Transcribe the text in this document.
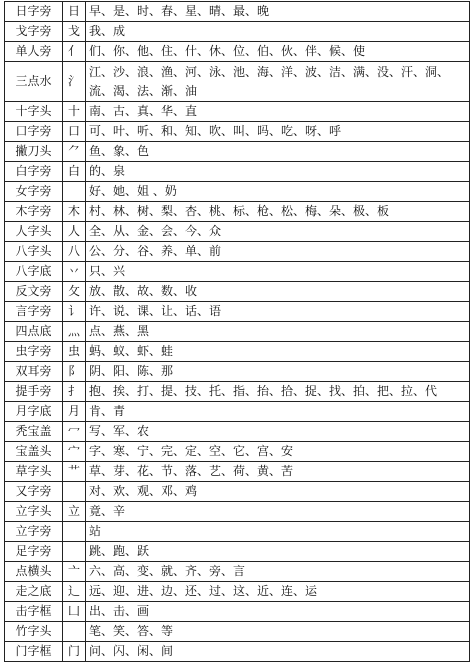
日字旁	日	早、是、时、春、星、晴、最、晚
戈字旁	戈	我、成
单人旁	亻	们、你、他、住、什、休、位、伯、伙、伴、候、使
三点水	氵	江、沙、浪、渔、河、泳、池、海、洋、波、洁、满、没、汗、洞、流、渴、法、渐、油
十字头	十	南、古、真、华、直
口字旁	口	可、叶、听、和、知、吹、叫、吗、吃、呀、呼
撇刀头	⺈	鱼、象、色
白字旁	白	的、泉
女字旁		好、她、姐 、奶
木字旁	木	村、林、树、梨、杏、桃、标、枪、松、梅、朵、极、板
人字头	人	全、从、金、会、今、众
八字头	八	公、分、谷、养、单、前
八字底	丷	只、兴
反文旁	攵	放、散、故、数、收
言字旁	讠	许、说、课、让、话、语
四点底	灬	点、燕、黑
虫字旁	虫	蚂、蚁、虾、蛙
双耳旁	阝	阴、阳、陈、那
提手旁	扌	抱、挨、打、提、技、托、指、抬、拾、捉、找、拍、把、拉、代
月字底	月	肯、青
秃宝盖	冖	写、军、农
宝盖头	宀	字、寒、宁、完、定、空、它、宫、安
草字头	艹	草、芽、花、节、落、艺、荷、黄、苦
又字旁		对、欢、观、邓、鸡
立字头	立	竟、辛
立字旁		站
足字旁		跳、跑、跃
点横头	亠	六、高、变、就、齐、旁、言
走之底	辶	远、迎、进、边、还、过、这、近、连、运
击字框	凵	出、击、画
竹字头		笔、笑、答、等
门字框	门	问、闪、闲、间
